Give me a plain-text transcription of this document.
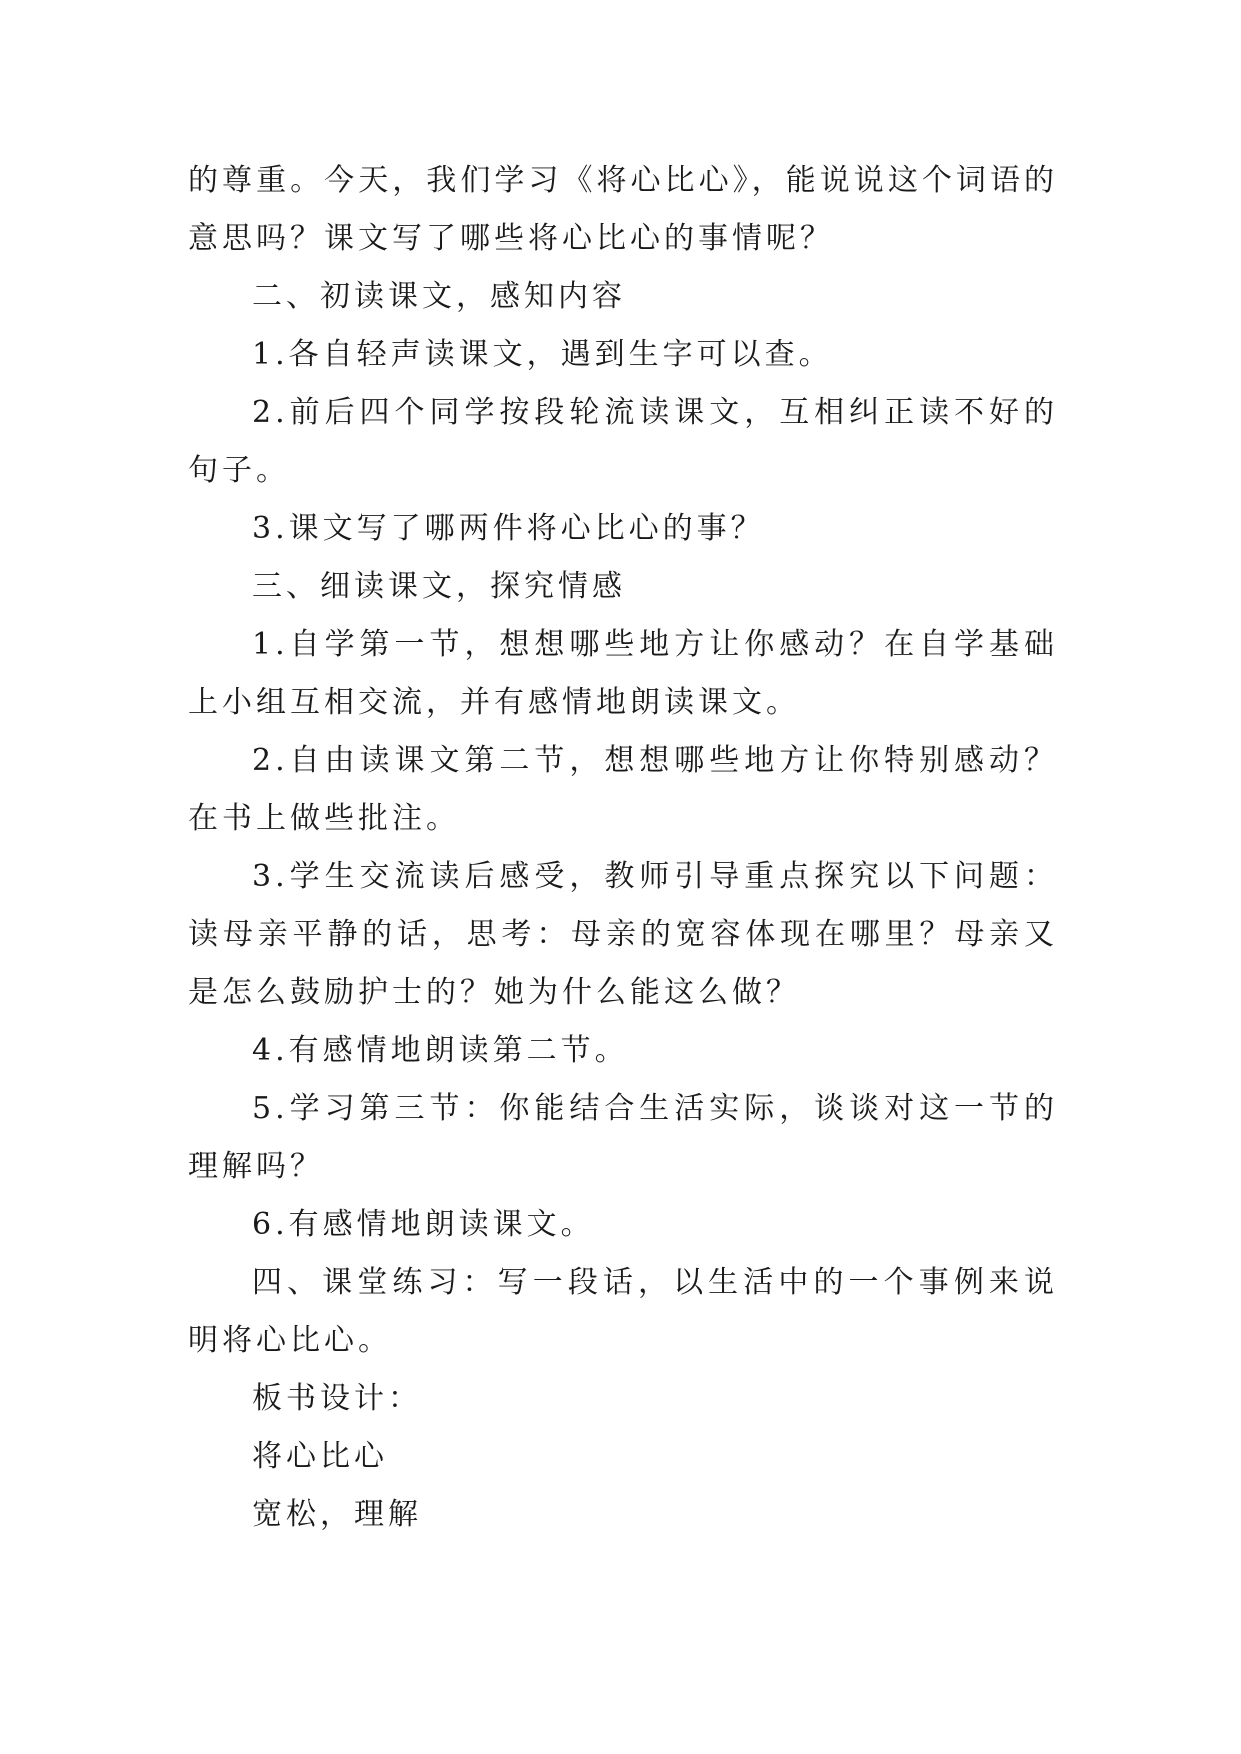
的尊重。今天，我们学习《将心比心》，能说说这个词语的意思吗？课文写了哪些将心比心的事情呢？

二、初读课文，感知内容

1.各自轻声读课文，遇到生字可以查。

2.前后四个同学按段轮流读课文，互相纠正读不好的句子。

3.课文写了哪两件将心比心的事？

三、细读课文，探究情感

1.自学第一节，想想哪些地方让你感动？在自学基础上小组互相交流，并有感情地朗读课文。

2.自由读课文第二节，想想哪些地方让你特别感动？在书上做些批注。

3.学生交流读后感受，教师引导重点探究以下问题：读母亲平静的话，思考：母亲的宽容体现在哪里？母亲又是怎么鼓励护士的？她为什么能这么做？

4.有感情地朗读第二节。

5.学习第三节：你能结合生活实际，谈谈对这一节的理解吗？

6.有感情地朗读课文。

四、课堂练习：写一段话，以生活中的一个事例来说明将心比心。

板书设计：

将心比心

宽松，理解
